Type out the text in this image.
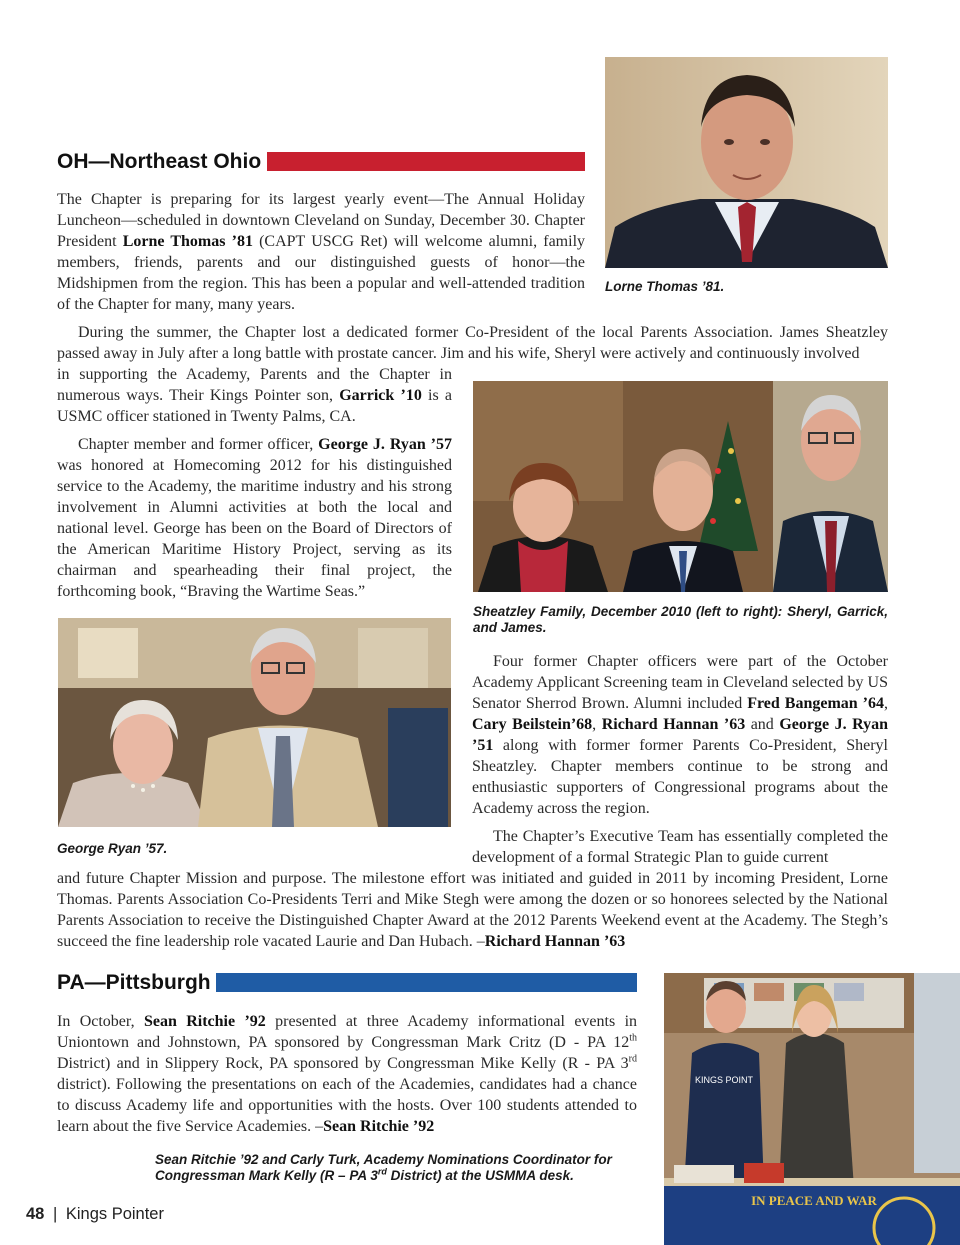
OH—Northeast Ohio
Lorne Thomas ’81.

The Chapter is preparing for its largest yearly event—The Annual Holiday Luncheon—scheduled in downtown Cleveland on Sunday, December 30. Chapter President Lorne Thomas ’81 (CAPT USCG Ret) will welcome alumni, family members, friends, parents and our distinguished guests of honor—the Midshipmen from the region. This has been a popular and well-attended tradition of the Chapter for many, many years.

During the summer, the Chapter lost a dedicated former Co-President of the local Parents Association. James Sheatzley passed away in July after a long battle with prostate cancer. Jim and his wife, Sheryl were actively and continuously involved

in supporting the Academy, Parents and the Chapter in numerous ways. Their Kings Pointer son, Garrick ’10 is a USMC officer stationed in Twenty Palms, CA.

Chapter member and former officer, George J. Ryan ’57 was honored at Homecoming 2012 for his distinguished service to the Academy, the maritime industry and his strong involvement in Alumni activities at both the local and national level. George has been on the Board of Directors of the American Maritime History Project, serving as its chairman and spearheading their final project, the forthcoming book, “Braving the Wartime Seas.”

Sheatzley Family, December 2010 (left to right): Sheryl, Garrick, and James.
George Ryan ’57.

Four former Chapter officers were part of the October Academy Applicant Screening team in Cleveland selected by US Senator Sherrod Brown. Alumni included Fred Bangeman ’64, Cary Beilstein’68, Richard Hannan ’63 and George J. Ryan ’51 along with former former Parents Co-President, Sheryl Sheatzley. Chapter members continue to be strong and enthusiastic supporters of Congressional programs about the Academy across the region.

The Chapter’s Executive Team has essentially completed the development of a formal Strategic Plan to guide current

and future Chapter Mission and purpose. The milestone effort was initiated and guided in 2011 by incoming President, Lorne Thomas. Parents Association Co-Presidents Terri and Mike Stegh were among the dozen or so honorees selected by the National Parents Association to receive the Distinguished Chapter Award at the 2012 Parents Weekend event at the Academy. The Stegh’s succeed the fine leadership role vacated Laurie and Dan Hubach. –Richard Hannan ’63

PA—Pittsburgh

In October, Sean Ritchie ’92 presented at three Academy informational events in Uniontown and Johnstown, PA sponsored by Congressman Mark Critz (D - PA 12th District) and in Slippery Rock, PA sponsored by Congressman Mike Kelly (R - PA 3rd district). Following the presentations on each of the Academies, candidates had a chance to discuss Academy life and opportunities with the hosts. Over 100 students attended to learn about the five Service Academies. –Sean Ritchie ’92

Sean Ritchie ’92 and Carly Turk, Academy Nominations Coordinator for Congressman Mark Kelly (R – PA 3rd District) at the USMMA desk.
KINGS POINT
IN PEACE AND WAR
48 | Kings Pointer
